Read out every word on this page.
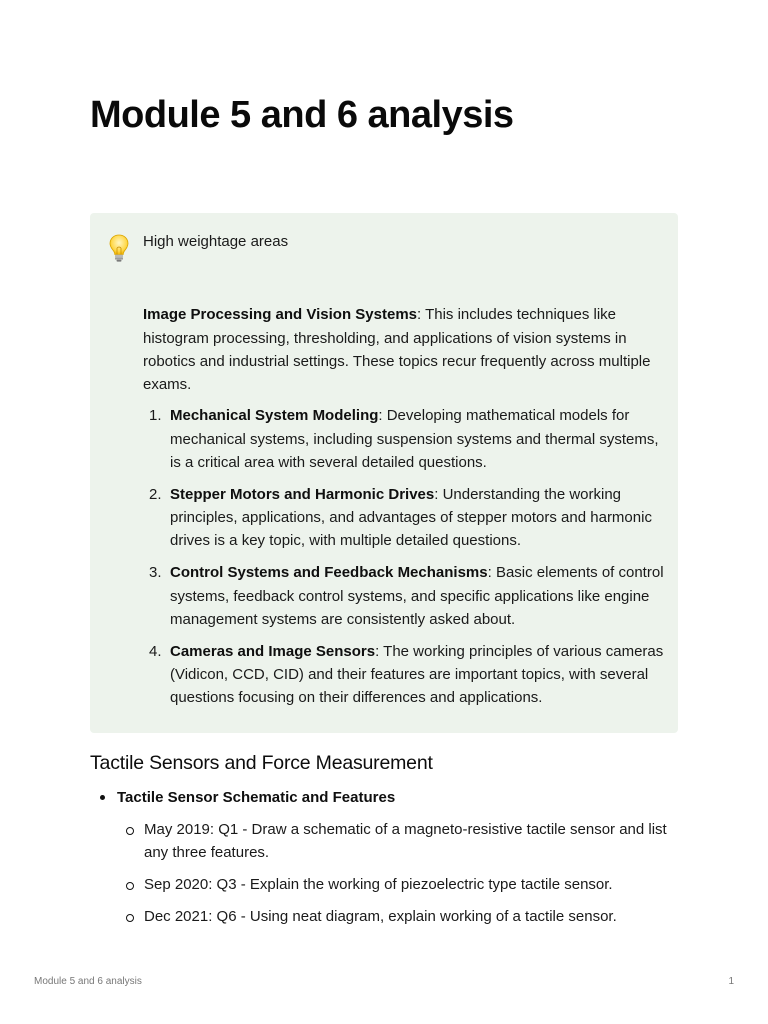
Module 5 and 6 analysis

High weightage areas

Image Processing and Vision Systems: This includes techniques like histogram processing, thresholding, and applications of vision systems in robotics and industrial settings. These topics recur frequently across multiple exams.

1. Mechanical System Modeling: Developing mathematical models for mechanical systems, including suspension systems and thermal systems, is a critical area with several detailed questions.
2. Stepper Motors and Harmonic Drives: Understanding the working principles, applications, and advantages of stepper motors and harmonic drives is a key topic, with multiple detailed questions.
3. Control Systems and Feedback Mechanisms: Basic elements of control systems, feedback control systems, and specific applications like engine management systems are consistently asked about.
4. Cameras and Image Sensors: The working principles of various cameras (Vidicon, CCD, CID) and their features are important topics, with several questions focusing on their differences and applications.
Tactile Sensors and Force Measurement
Tactile Sensor Schematic and Features
May 2019: Q1 - Draw a schematic of a magneto-resistive tactile sensor and list any three features.
Sep 2020: Q3 - Explain the working of piezoelectric type tactile sensor.
Dec 2021: Q6 - Using neat diagram, explain working of a tactile sensor.
Module 5 and 6 analysis	1
